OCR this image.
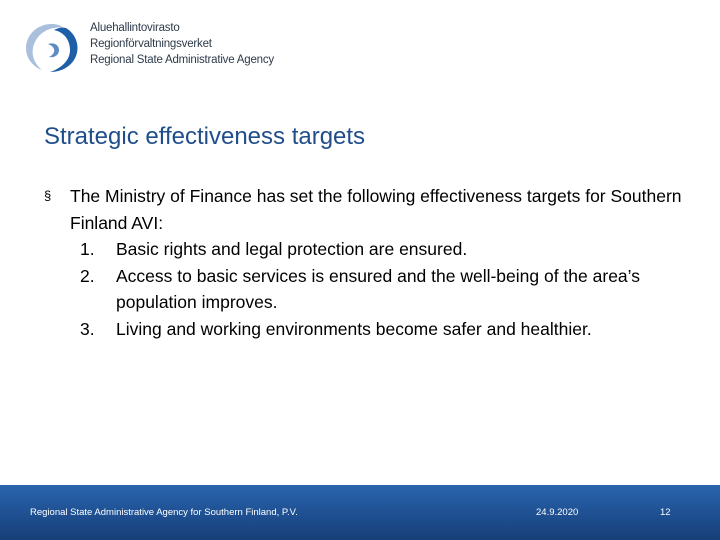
Aluehallintovirasto
Regionförvaltningsverket
Regional State Administrative Agency
Strategic effectiveness targets
§	The Ministry of Finance has set the following effectiveness targets for Southern Finland AVI:
1.	Basic rights and legal protection are ensured.
2.	Access to basic services is ensured and the well-being of the area’s population improves.
3.	Living and working environments become safer and healthier.
Regional State Administrative Agency for Southern Finland, P.V.	24.9.2020	12
